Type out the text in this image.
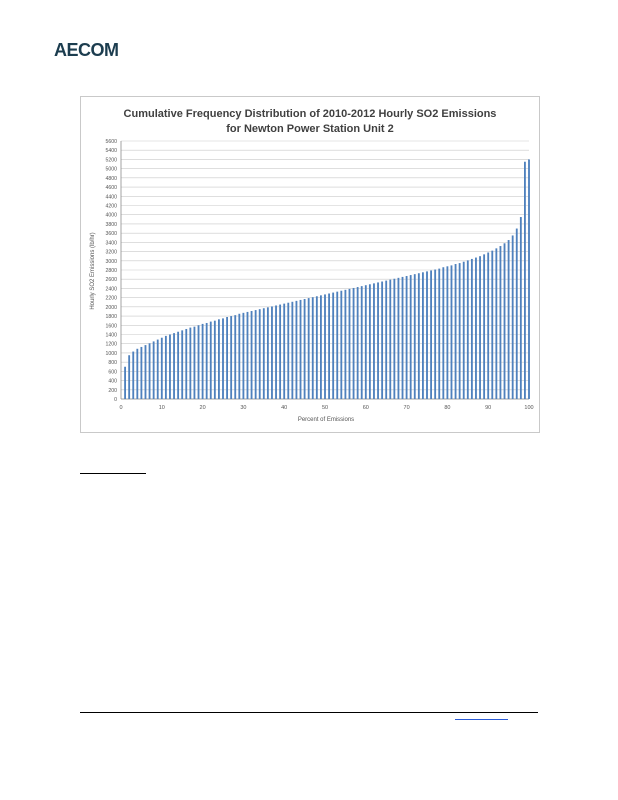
AECOM
0
200
400
600
800
1000
1200
1400
1600
1800
2000
2200
2400
2600
2800
3000
3200
3400
3600
3800
4000
4200
4400
4600
4800
5000
5200
5400
5600
0	10	20	30	40	50	60	70	80	90	100
Cumulative Frequency Distribution of 2010-2012 Hourly SO2 Emissions
for Newton Power Station Unit 2
Percent of Emissions
Hourly SO2 Emissions (lb/hr)
